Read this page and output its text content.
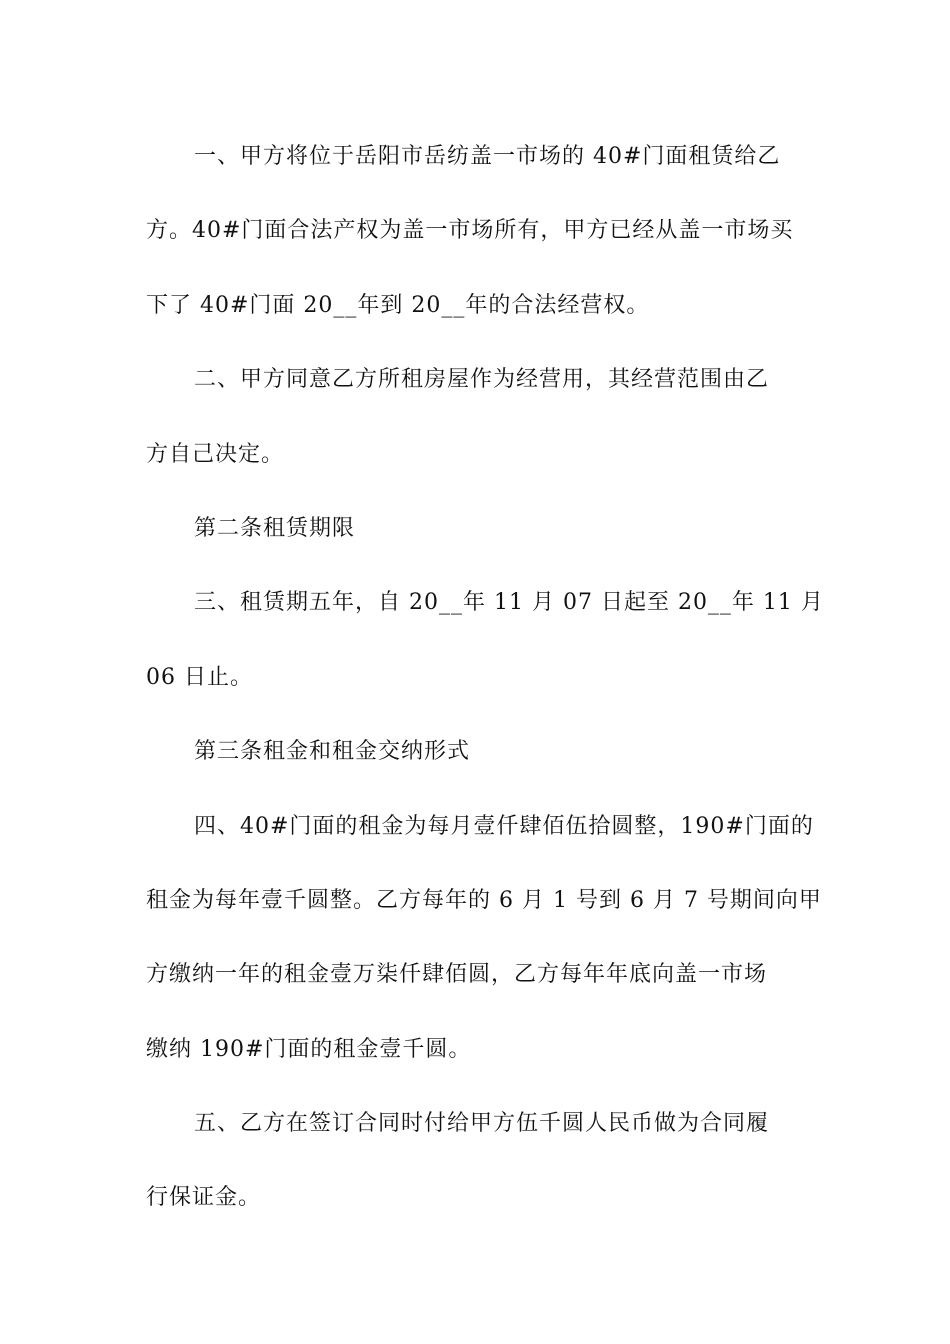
一、甲方将位于岳阳市岳纺盖一市场的 40#门面租赁给乙
方。40#门面合法产权为盖一市场所有，甲方已经从盖一市场买
下了 40#门面 20__年到 20__年的合法经营权。
二、甲方同意乙方所租房屋作为经营用，其经营范围由乙
方自己决定。
第二条租赁期限
三、租赁期五年，自 20__年 11 月 07 日起至 20__年 11 月
06 日止。
第三条租金和租金交纳形式
四、40#门面的租金为每月壹仟肆佰伍拾圆整，190#门面的
租金为每年壹千圆整。乙方每年的 6 月 1 号到 6 月 7 号期间向甲
方缴纳一年的租金壹万柒仟肆佰圆，乙方每年年底向盖一市场
缴纳 190#门面的租金壹千圆。
五、乙方在签订合同时付给甲方伍千圆人民币做为合同履
行保证金。
